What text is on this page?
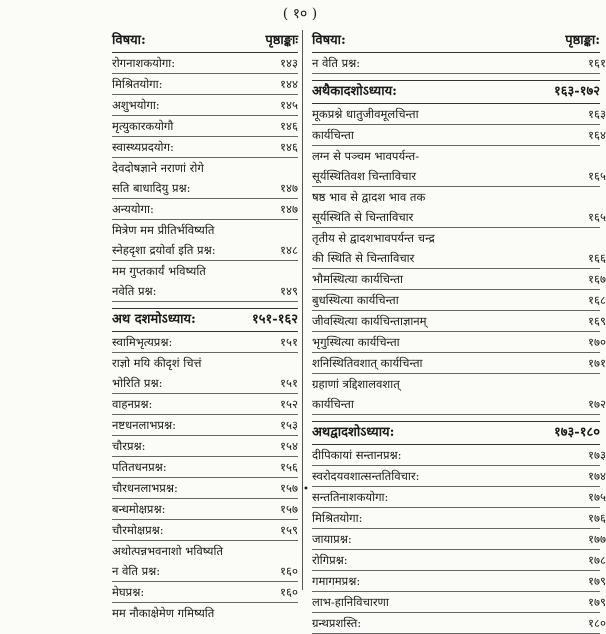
( १० )
विषया:	पृष्ठाङ्काः
रोगनाशकयोगा:	१४३
मिश्रितयोगा:	१४४
अशुभयोगा:	१४५
मृत्युकारकयोगौ	१४६
स्वास्थ्यप्रदयोग:	१४६
देवदोषज्ञाने नराणां रोगे
सति बाधादियु प्रश्न:	१४७
अन्ययोगा:	१४७
मित्रेण मम प्रीतिर्भविष्यति
स्नेहदृशा द्रयोर्वा इति प्रश्न:	१४८
मम गुप्तकार्यं भविष्यति
नवेति प्रश्न:	१४९
अथ दशमोऽध्याय:	१५१-१६२
स्वामिभृत्यप्रश्न:	१५१
राज्ञो मयि कीदृशं चित्तं
भोरिति प्रश्न:	१५१
वाहनप्रश्न:	१५२
नष्टधनलाभप्रश्न:	१५३
चौरप्रश्न:	१५४
पतितधनप्रश्न:	१५६
चौरधनलाभप्रश्न:	१५७
बन्धमोक्षप्रश्न:	१५७
चौरमोक्षप्रश्न:	१५९
अथोत्पन्नभवनाशो भविष्यति
न वेति प्रश्न:	१६०
मेघप्रश्न:	१६०
मम नौकाक्षेमेण गमिष्यति
विषया:	पृष्ठाङ्का:
न वेति प्रश्न:	१६१
अथैकादशोऽध्याय:	१६३-१७२
मूकप्रश्ने धातुजीवमूलचिन्ता	१६३
कार्यचिन्ता	१६४
लग्न से पञ्चम भावपर्यन्त-
सूर्यस्थितिवश चिन्ताविचार	१६५
षष्ठ भाव से द्वादश भाव तक
सूर्यस्थिति से चिन्ताविचार	१६५
तृतीय से द्वादशभावपर्यन्त चन्द्र
की स्थिति से चिन्ताविचार	१६६
भौमस्थित्या कार्यचिन्ता	१६७
बुधस्थित्या कार्यचिन्ता	१६८
जीवस्थित्या कार्यचिन्ताज्ञानम्	१६९
भृगुस्थित्या कार्यचिन्ता	१७०
शनिस्थितिवशात् कार्यचिन्ता	१७१
ग्रहाणां त्रद्दिशालवशात्
कार्यचिन्ता	१७२
अथद्वादशोऽध्याय:	१७३-१८०
दीपिकायां सन्तानप्रश्न:	१७३
स्वरोदयवशात्सन्ततिविचार:	१७४
सन्ततिनाशकयोगा:	१७५
मिश्रितयोगा:	१७६
जायाप्रश्न:	१७७
रोगिप्रश्न:	१७८
गमागमप्रश्न:	१७९
लाभ-हानिविचारणा	१७९
ग्रन्थप्रशस्ति:	१८०
•
